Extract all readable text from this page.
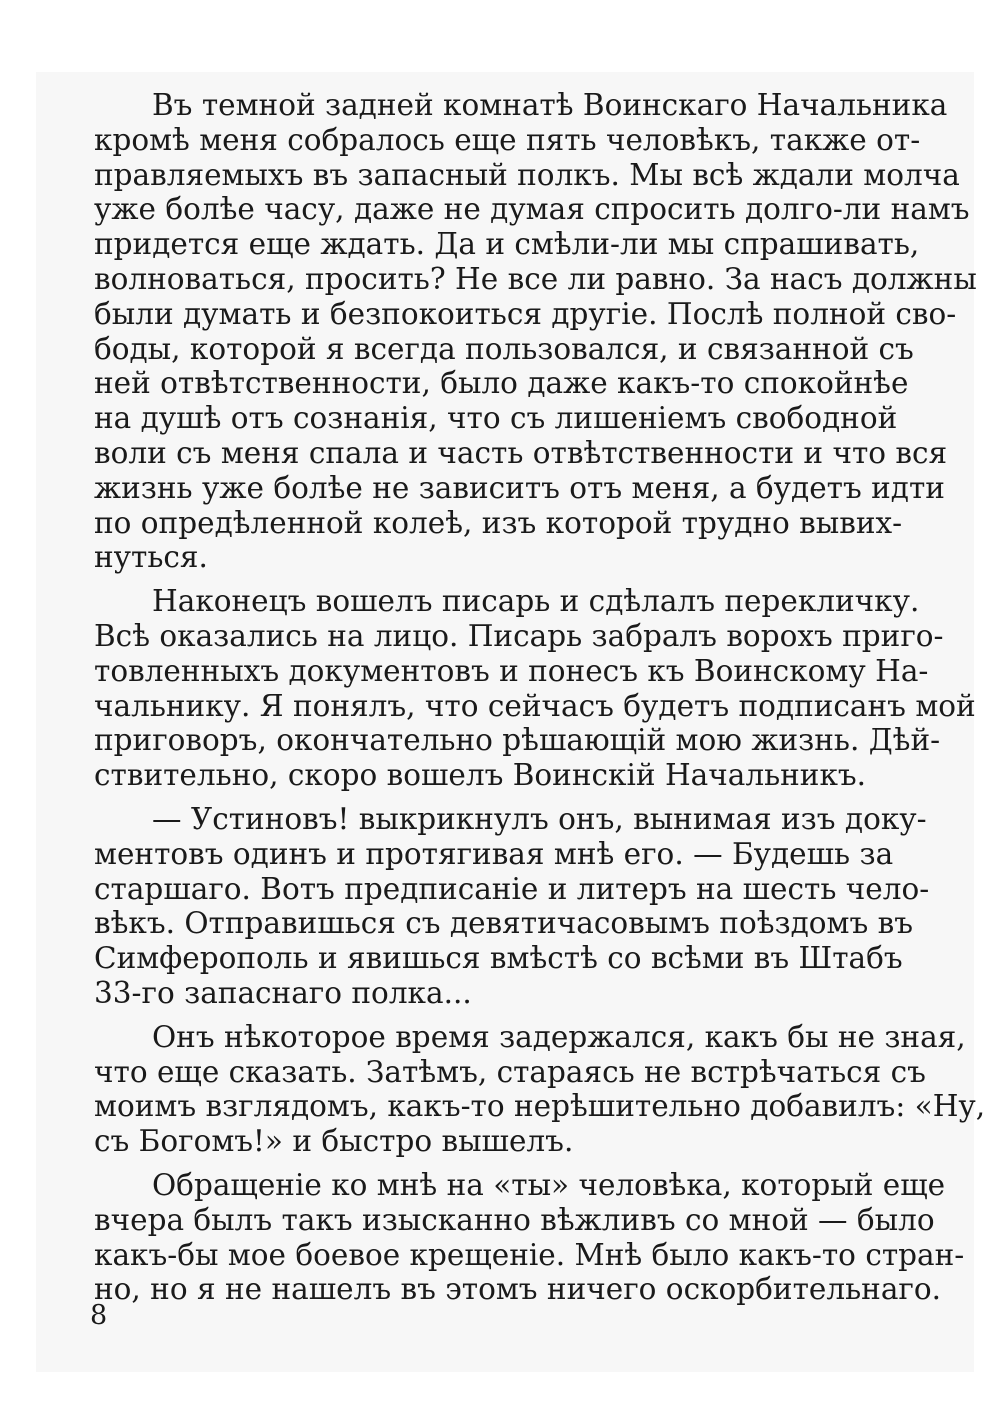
Въ темной задней комнатѣ Воинскаго Начальника
кромѣ меня собралось еще пять человѣкъ, также от-
правляемыхъ въ запасный полкъ. Мы всѣ ждали молча
уже болѣе часу, даже не думая спросить долго-ли намъ
придется еще ждать. Да и смѣли-ли мы спрашивать,
волноваться, просить? Не все ли равно. За насъ должны
были думать и безпокоиться другіе. Послѣ полной сво-
боды, которой я всегда пользовался, и связанной съ
ней отвѣтственности, было даже какъ-то спокойнѣе
на душѣ отъ сознанія, что съ лишеніемъ свободной
воли съ меня спала и часть отвѣтственности и что вся
жизнь уже болѣе не зависитъ отъ меня, а будетъ идти
по опредѣленной колеѣ, изъ которой трудно вывих-
нуться.
Наконецъ вошелъ писарь и сдѣлалъ перекличку.
Всѣ оказались на лицо. Писарь забралъ ворохъ приго-
товленныхъ документовъ и понесъ къ Воинскому На-
чальнику. Я понялъ, что сейчасъ будетъ подписанъ мой
приговоръ, окончательно рѣшающій мою жизнь. Дѣй-
ствительно, скоро вошелъ Воинскій Начальникъ.
— Устиновъ! выкрикнулъ онъ, вынимая изъ доку-
ментовъ одинъ и протягивая мнѣ его. — Будешь за
старшаго. Вотъ предписаніе и литеръ на шесть чело-
вѣкъ. Отправишься съ девятичасовымъ поѣздомъ въ
Симферополь и явишься вмѣстѣ со всѣми въ Штабъ
33-го запаснаго полка...
Онъ нѣкоторое время задержался, какъ бы не зная,
что еще сказать. Затѣмъ, стараясь не встрѣчаться съ
моимъ взглядомъ, какъ-то нерѣшительно добавилъ: «Ну,
съ Богомъ!» и быстро вышелъ.
Обращеніе ко мнѣ на «ты» человѣка, который еще
вчера былъ такъ изысканно вѣжливъ со мной — было
какъ-бы мое боевое крещеніе. Мнѣ было какъ-то стран-
но, но я не нашелъ въ этомъ ничего оскорбительнаго.
8
